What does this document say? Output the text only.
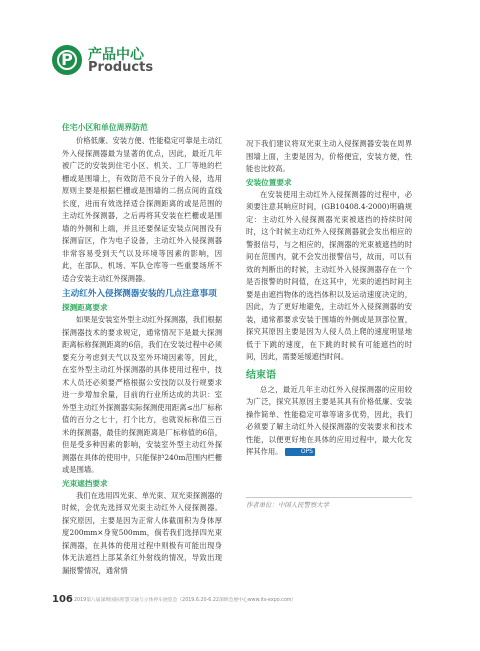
P	产品中心
Products
住宅小区和单位周界防范

价格低廉、安装方便、性能稳定可靠是主动红外入侵探测器最为显著的优点，因此，最近几年被广泛的安装到住宅小区、机关、工厂等地的栏栅或是围墙上，有效防范不良分子的入侵，选用原则主要是根据栏栅或是围墙的二拐点间的直线长度，进而有效选择适合探测距离的或是范围的主动红外探测器，之后再将其安装在栏栅或是围墙的外侧和上端，并且还要保证安装点间围没有探测盲区，作为电子设备，主动红外入侵探测器非常容易受到天气以及环境等因素的影响，因此，在部队、机场、军队仓库等一些重要场所不适合安装主动红外探测器。

主动红外入侵探测器安装的几点注意事项
探测距离要求

如果是安装室外型主动红外探测器，我们根据探测器技术的要求规定，通常情况下是最大探测距离标称探测距离的6倍，我们在安装过程中必须要充分考虑到天气以及室外环境因素等，因此，在室外型主动红外探测器的具体使用过程中，技术人员还必须要严格根据公安技防以及行规要求进一步增加余量，目前的行业所达成的共识：室外型主动红外探测器实际探测使用距离≤出厂标称值的百分之七十，打个比方，也就说标称值三百米的探测器，最佳的探测距离是厂标称值的6倍，但是受多种因素的影响，安装室外型主动红外探测器在具体的使用中，只能保护240m范围内栏栅或是围墙。

光束遮挡要求

我们在选用四光束、单光束、双光束探测器的时候，会优先选择双光束主动红外入侵探测器。探究原因，主要是因为正常人体截面积为身体厚度200mm×身宽500mm，倘若我们选择四光束探测器，在具体的使用过程中则极有可能出现身体无法遮挡上部某条红外射线的情况，导致出现漏报警情况，通常情

况下我们建议将双光束主动入侵探测器安装在周界围墙上面，主要是因为，价格便宜，安装方便，性能也比较高。

安装位置要求

在安装使用主动红外入侵探测器的过程中，必须要注意其响应时间，(GB10408.4-2000)明确规定：主动红外入侵探测器光束被遮挡的持续时间时，这个时候主动红外入侵探测器就会发出相应的警报信号，与之相应的，探测器的光束被遮挡的时间在范围内，就不会发出报警信号，故而，可以有效的判断出的时候，主动红外入侵探测器存在一个是否报警的时间值，在这其中，光束的遮挡时间主要是由遮挡物体的选挡体积以及运动速度决定的，因此，为了更好地避免，主动红外入侵探测器的安装，通常都要求安装于围墙的外侧或是顶部位置，探究其原因主要是因为人侵人员上爬的速度明显地低于下跳的速度，在下跳的时候有可能遮挡的时间，因此，需要延缓遮挡时间。

结束语

总之，最近几年主动红外入侵探测器的应用较为广泛，探究其原因主要是其具有价格低廉、安装操作简单、性能稳定可靠等诸多优势，因此，我们必须要了解主动红外入侵探测器的安装要求和技术性能，以便更好地在具体的应用过程中，最大化发挥其作用。	OPS

作者单位：中国人民警察大学
106 2019第八届深圳国际智慧交通与立体停车展览会（2019.6.20-6.22深圳会展中心www.its-expo.com）
